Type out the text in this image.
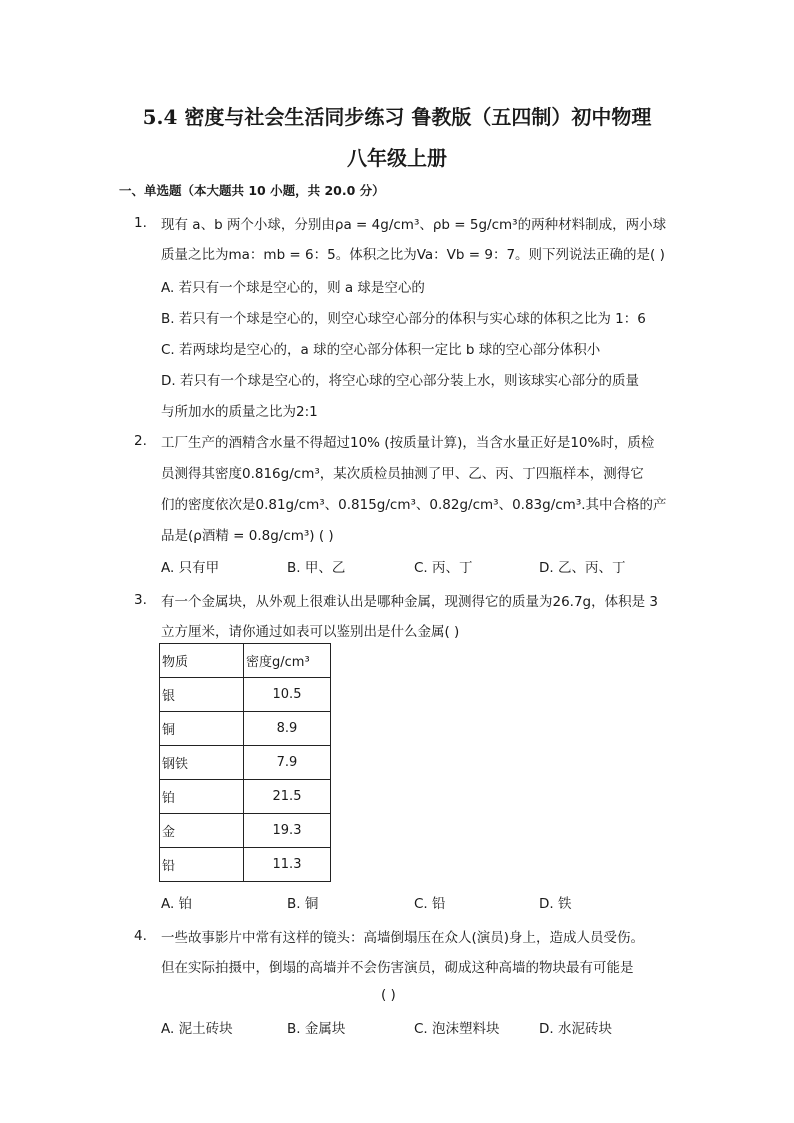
5.4 密度与社会生活同步练习 鲁教版（五四制）初中物理
八年级上册
一、单选题（本大题共 10 小题，共 20.0 分）
1. 现有 a、b 两个小球，分别由ρa = 4g/cm³、ρb = 5g/cm³的两种材料制成，两小球
质量之比为ma：mb = 6：5。体积之比为Va：Vb = 9：7。则下列说法正确的是( )
A. 若只有一个球是空心的，则 a 球是空心的
B. 若只有一个球是空心的，则空心球空心部分的体积与实心球的体积之比为 1：6
C. 若两球均是空心的，a 球的空心部分体积一定比 b 球的空心部分体积小
D. 若只有一个球是空心的，将空心球的空心部分装上水，则该球实心部分的质量
与所加水的质量之比为2:1
2. 工厂生产的酒精含水量不得超过10% (按质量计算)，当含水量正好是10%时，质检
员测得其密度0.816g/cm³，某次质检员抽测了甲、乙、丙、丁四瓶样本，测得它
们的密度依次是0.81g/cm³、0.815g/cm³、0.82g/cm³、0.83g/cm³.其中合格的产
品是(ρ酒精 = 0.8g/cm³) ( )
A. 只有甲	B. 甲、乙	C. 丙、丁	D. 乙、丙、丁
3. 有一个金属块，从外观上很难认出是哪种金属，现测得它的质量为26.7g，体积是 3
立方厘米，请你通过如表可以鉴别出是什么金属( )
物质	密度g/cm³
银	10.5
铜	8.9
钢铁	7.9
铂	21.5
金	19.3
铅	11.3
A. 铂	B. 铜	C. 铅	D. 铁
4. 一些故事影片中常有这样的镜头：高墙倒塌压在众人(演员)身上，造成人员受伤。
但在实际拍摄中，倒塌的高墙并不会伤害演员，砌成这种高墙的物块最有可能是
( )
A. 泥土砖块	B. 金属块	C. 泡沫塑料块	D. 水泥砖块
